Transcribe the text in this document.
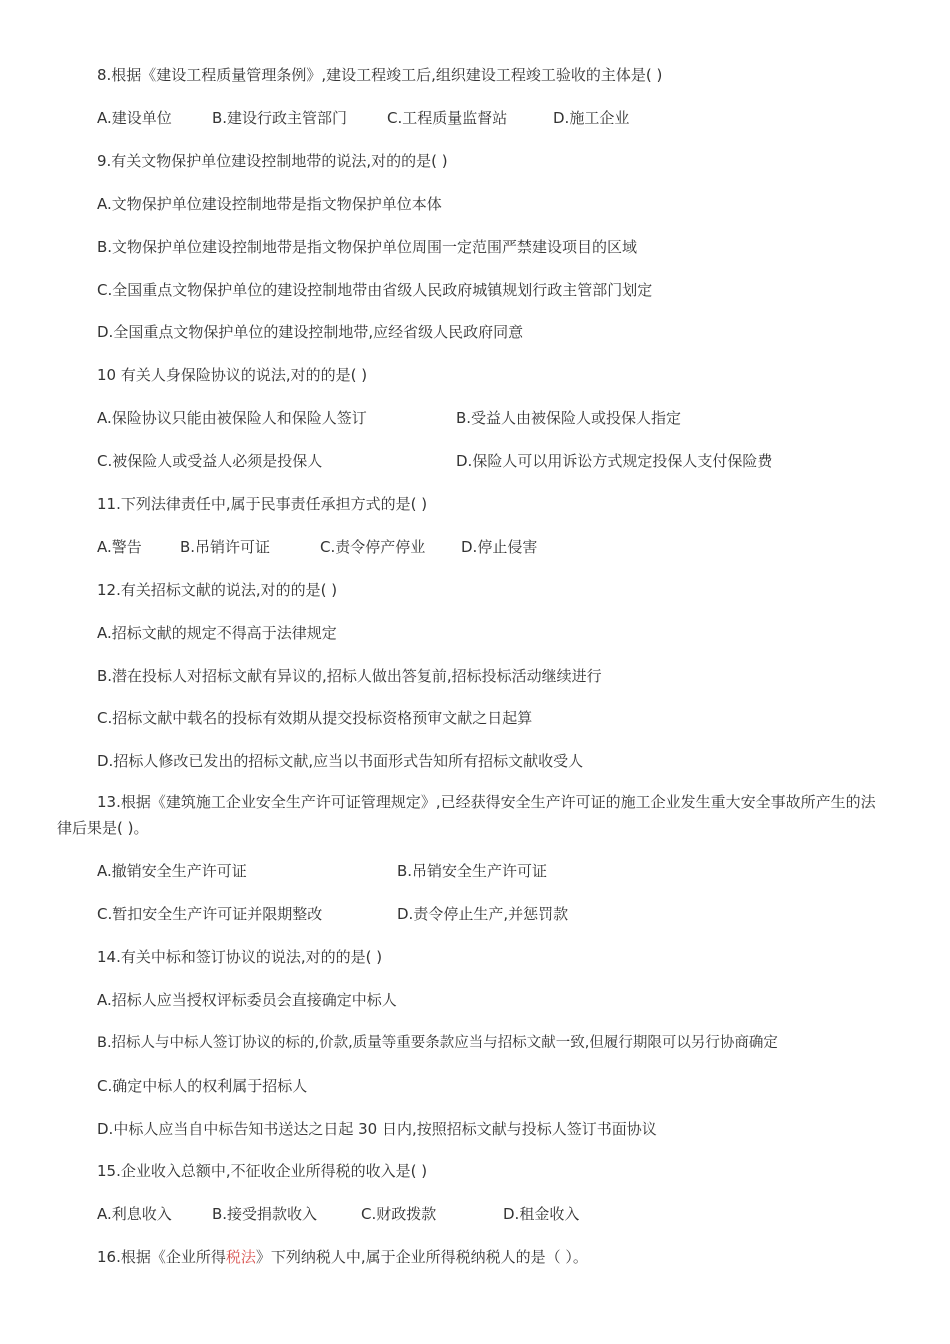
8.根据《建设工程质量管理条例》,建设工程竣工后,组织建设工程竣工验收的主体是( )
A.建设单位	B.建设行政主管部门	C.工程质量监督站	D.施工企业
9.有关文物保护单位建设控制地带的说法,对的的是( )
A.文物保护单位建设控制地带是指文物保护单位本体
B.文物保护单位建设控制地带是指文物保护单位周围一定范围严禁建设项目的区域
C.全国重点文物保护单位的建设控制地带由省级人民政府城镇规划行政主管部门划定
D.全国重点文物保护单位的建设控制地带,应经省级人民政府同意
10 有关人身保险协议的说法,对的的是( )
A.保险协议只能由被保险人和保险人签订	B.受益人由被保险人或投保人指定
C.被保险人或受益人必须是投保人	D.保险人可以用诉讼方式规定投保人支付保险费
11.下列法律责任中,属于民事责任承担方式的是( )
A.警告	B.吊销许可证	C.责令停产停业 D.停止侵害
12.有关招标文献的说法,对的的是( )
A.招标文献的规定不得高于法律规定
B.潜在投标人对招标文献有异议的,招标人做出答复前,招标投标活动继续进行
C.招标文献中载名的投标有效期从提交投标资格预审文献之日起算
D.招标人修改已发出的招标文献,应当以书面形式告知所有招标文献收受人
13.根据《建筑施工企业安全生产许可证管理规定》,已经获得安全生产许可证的施工企业发生重大安全事故所产生的法律后果是( )。
A.撤销安全生产许可证	B.吊销安全生产许可证
C.暂扣安全生产许可证并限期整改	D.责令停止生产,并惩罚款
14.有关中标和签订协议的说法,对的的是( )
A.招标人应当授权评标委员会直接确定中标人
B.招标人与中标人签订协议的标的,价款,质量等重要条款应当与招标文献一致,但履行期限可以另行协商确定
C.确定中标人的权利属于招标人
D.中标人应当自中标告知书送达之日起 30 日内,按照招标文献与投标人签订书面协议
15.企业收入总额中,不征收企业所得税的收入是( )
A.利息收入	B.接受捐款收入	C.财政拨款	D.租金收入
16.根据《企业所得税法》下列纳税人中,属于企业所得税纳税人的是（ ）。
